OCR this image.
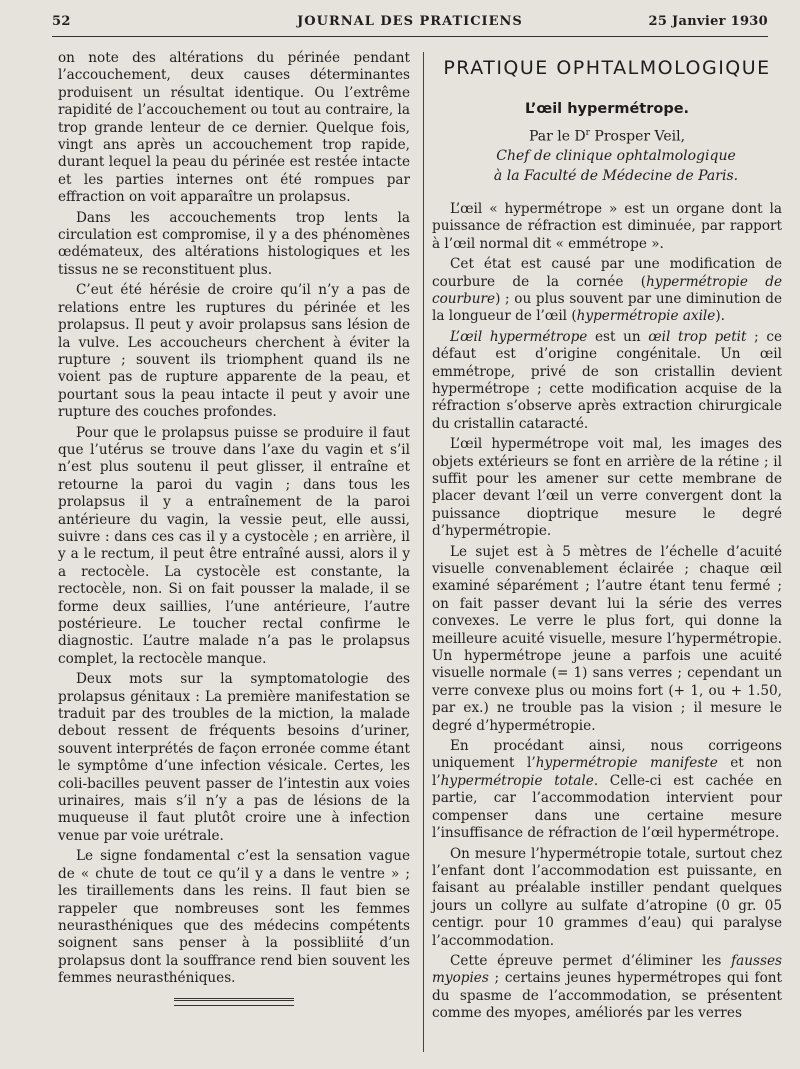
52	JOURNAL DES PRATICIENS	25 Janvier 1930

on note des altérations du périnée pendant l’accouchement, deux causes déterminantes produisent un résultat identique. Ou l’extrême rapidité de l’accouchement ou tout au contraire, la trop grande lenteur de ce dernier. Quelque fois, vingt ans après un accouchement trop rapide, durant lequel la peau du périnée est restée intacte et les parties internes ont été rompues par effraction on voit apparaître un prolapsus.

Dans les accouchements trop lents la circulation est compromise, il y a des phénomènes œdémateux, des altérations histologiques et les tissus ne se reconstituent plus.

C’eut été hérésie de croire qu’il n’y a pas de relations entre les ruptures du périnée et les prolapsus. Il peut y avoir prolapsus sans lésion de la vulve. Les accoucheurs cherchent à éviter la rupture ; souvent ils triomphent quand ils ne voient pas de rupture apparente de la peau, et pourtant sous la peau intacte il peut y avoir une rupture des couches profondes.

Pour que le prolapsus puisse se produire il faut que l’utérus se trouve dans l’axe du vagin et s’il n’est plus soutenu il peut glisser, il entraîne et retourne la paroi du vagin ; dans tous les prolapsus il y a entraînement de la paroi antérieure du vagin, la vessie peut, elle aussi, suivre : dans ces cas il y a cystocèle ; en arrière, il y a le rectum, il peut être entraîné aussi, alors il y a rectocèle. La cystocèle est constante, la rectocèle, non. Si on fait pousser la malade, il se forme deux saillies, l’une antérieure, l’autre postérieure. Le toucher rectal confirme le diagnostic. L’autre malade n’a pas le prolapsus complet, la rectocèle manque.

Deux mots sur la symptomatologie des prolapsus génitaux : La première manifestation se traduit par des troubles de la miction, la malade debout ressent de fréquents besoins d’uriner, souvent interprétés de façon erronée comme étant le symptôme d’une infection vésicale. Certes, les coli-bacilles peuvent passer de l’intestin aux voies urinaires, mais s’il n’y a pas de lésions de la muqueuse il faut plutôt croire une à infection venue par voie urétrale.

Le signe fondamental c’est la sensation vague de « chute de tout ce qu’il y a dans le ventre » ; les tiraillements dans les reins. Il faut bien se rappeler que nombreuses sont les femmes neurasthéniques que des médecins compétents soignent sans penser à la possibliité d’un prolapsus dont la souffrance rend bien souvent les femmes neurasthéniques.

PRATIQUE OPHTALMOLOGIQUE
L’œil hypermétrope.
Par le $D^r$ Prosper Veil,

Chef de clinique ophtalmologique

à la Faculté de Médecine de Paris.

L’œil « hypermétrope » est un organe dont la puissance de réfraction est diminuée, par rapport à l’œil normal dit « emmétrope ».

Cet état est causé par une modification de courbure de la cornée (hypermétropie de courbure) ; ou plus souvent par une diminution de la longueur de l’œil (hypermétropie axile).

L’œil hypermétrope est un œil trop petit ; ce défaut est d’origine congénitale. Un œil emmétrope, privé de son cristallin devient hypermétrope ; cette modification acquise de la réfraction s’observe après extraction chirurgicale du cristallin cataracté.

L’œil hypermétrope voit mal, les images des objets extérieurs se font en arrière de la rétine ; il suffit pour les amener sur cette membrane de placer devant l’œil un verre convergent dont la puissance dioptrique mesure le degré d’hypermétropie.

Le sujet est à 5 mètres de l’échelle d’acuité visuelle convenablement éclairée ; chaque œil examiné séparément ; l’autre étant tenu fermé ; on fait passer devant lui la série des verres convexes. Le verre le plus fort, qui donne la meilleure acuité visuelle, mesure l’hypermétropie. Un hypermétrope jeune a parfois une acuité visuelle normale (= 1) sans verres ; cependant un verre convexe plus ou moins fort (+ 1, ou + 1.50, par ex.) ne trouble pas la vision ; il mesure le degré d’hypermétropie.

En procédant ainsi, nous corrigeons uniquement l’hypermétropie manifeste et non l’hypermétropie totale. Celle-ci est cachée en partie, car l’accommodation intervient pour compenser dans une certaine mesure l’insuffisance de réfraction de l’œil hypermétrope.

On mesure l’hypermétropie totale, surtout chez l’enfant dont l’accommodation est puissante, en faisant au préalable instiller pendant quelques jours un collyre au sulfate d’atropine (0 gr. 05 centigr. pour 10 grammes d’eau) qui paralyse l’accommodation.

Cette épreuve permet d’éliminer les fausses myopies ; certains jeunes hypermétropes qui font du spasme de l’accommodation, se présentent comme des myopes, améliorés par les verres
